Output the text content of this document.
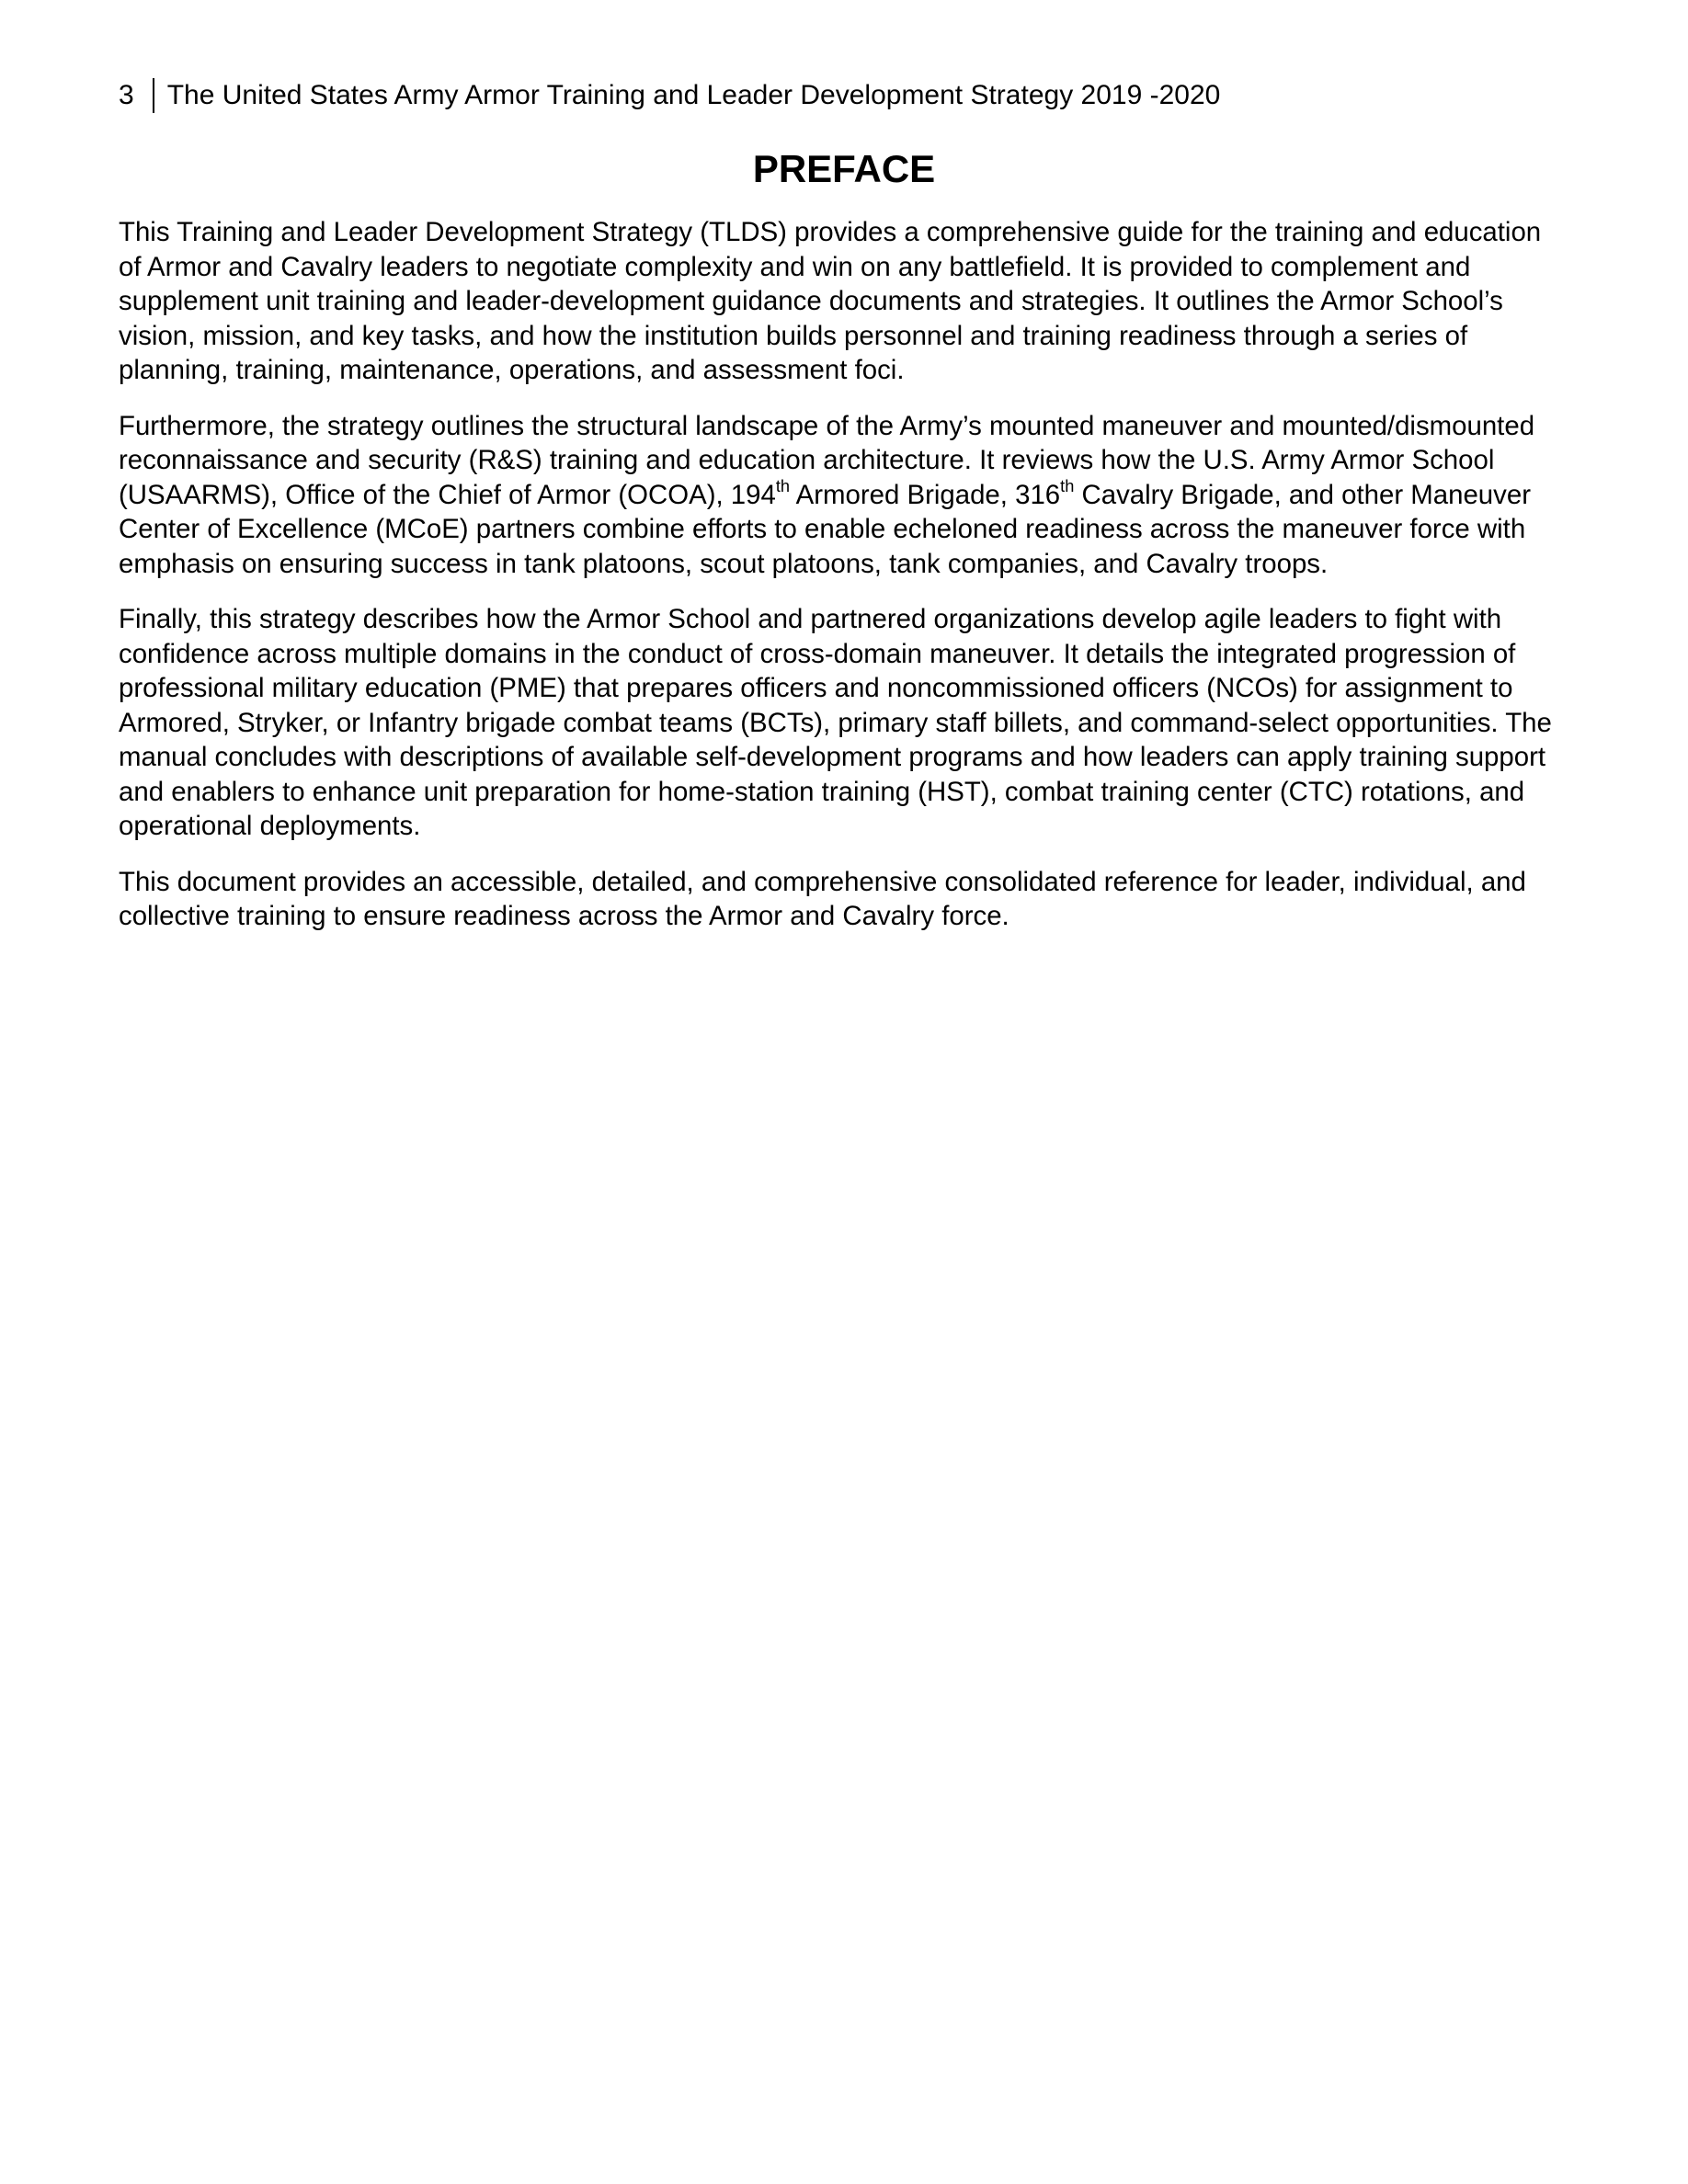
3 The United States Army Armor Training and Leader Development Strategy 2019 -2020
PREFACE

This Training and Leader Development Strategy (TLDS) provides a comprehensive guide for the training and education of Armor and Cavalry leaders to negotiate complexity and win on any battlefield. It is provided to complement and supplement unit training and leader-development guidance documents and strategies. It outlines the Armor School’s vision, mission, and key tasks, and how the institution builds personnel and training readiness through a series of planning, training, maintenance, operations, and assessment foci.

Furthermore, the strategy outlines the structural landscape of the Army’s mounted maneuver and mounted/dismounted reconnaissance and security (R&S) training and education architecture. It reviews how the U.S. Army Armor School (USAARMS), Office of the Chief of Armor (OCOA), 194th Armored Brigade, 316th Cavalry Brigade, and other Maneuver Center of Excellence (MCoE) partners combine efforts to enable echeloned readiness across the maneuver force with emphasis on ensuring success in tank platoons, scout platoons, tank companies, and Cavalry troops.

Finally, this strategy describes how the Armor School and partnered organizations develop agile leaders to fight with confidence across multiple domains in the conduct of cross-domain maneuver. It details the integrated progression of professional military education (PME) that prepares officers and noncommissioned officers (NCOs) for assignment to Armored, Stryker, or Infantry brigade combat teams (BCTs), primary staff billets, and command-select opportunities. The manual concludes with descriptions of available self-development programs and how leaders can apply training support and enablers to enhance unit preparation for home-station training (HST), combat training center (CTC) rotations, and operational deployments.

This document provides an accessible, detailed, and comprehensive consolidated reference for leader, individual, and collective training to ensure readiness across the Armor and Cavalry force.
